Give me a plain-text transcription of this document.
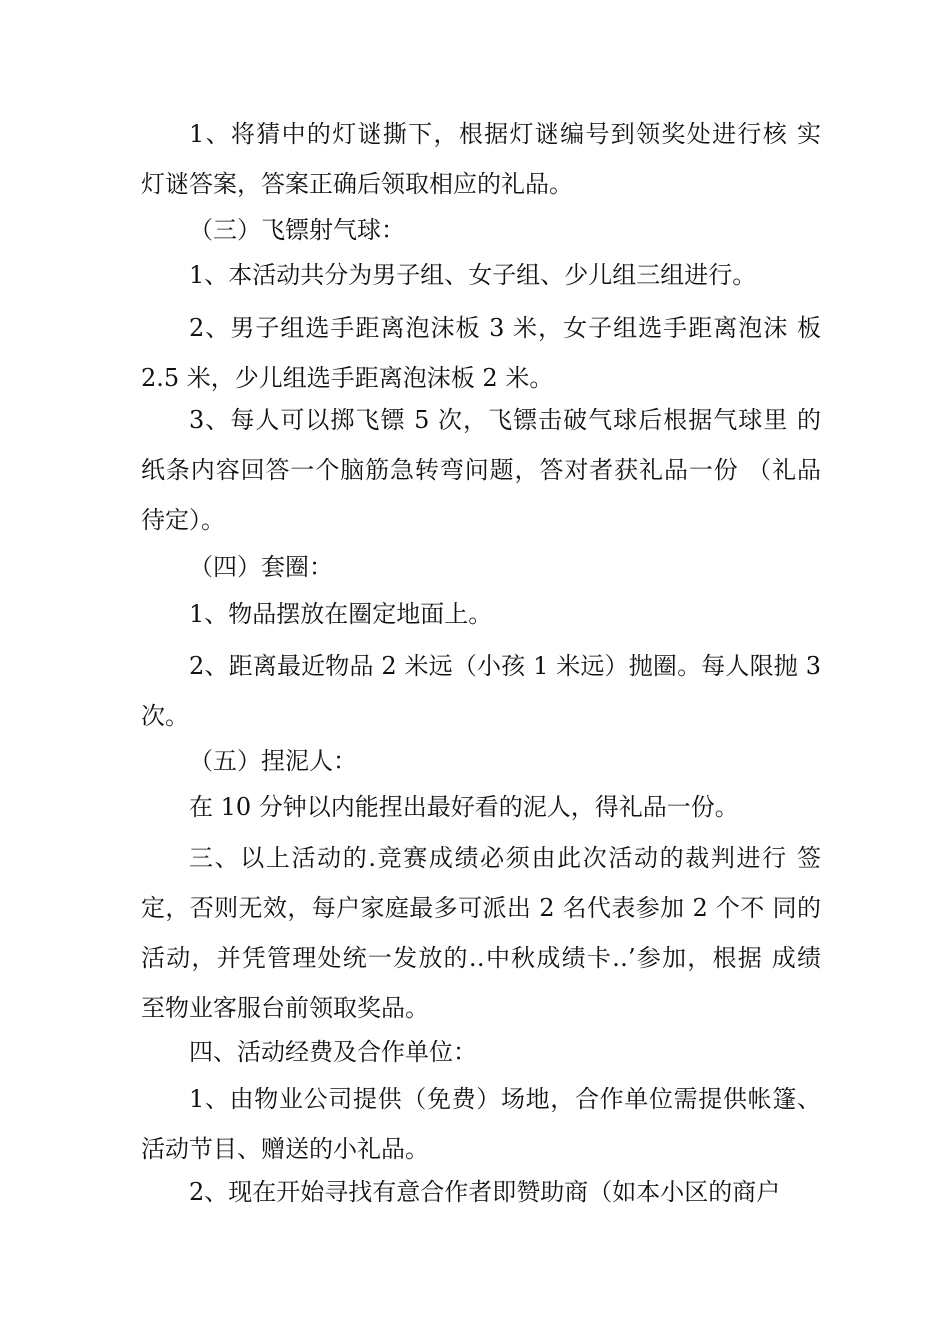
1、将猜中的灯谜撕下，根据灯谜编号到领奖处进行核 实
灯谜答案，答案正确后领取相应的礼品。
（三）飞镖射气球：
1、本活动共分为男子组、女子组、少儿组三组进行。
2、男子组选手距离泡沫板 3 米，女子组选手距离泡沫 板
2.5 米，少儿组选手距离泡沫板 2 米。
3、每人可以掷飞镖 5 次，飞镖击破气球后根据气球里 的
纸条内容回答一个脑筋急转弯问题，答对者获礼品一份 （礼品
待定）。
（四）套圈：
1、物品摆放在圈定地面上。
2、距离最近物品 2 米远（小孩 1 米远）抛圈。每人限抛 3
次。
（五）捏泥人：
在 10 分钟以内能捏出最好看的泥人，得礼品一份。
三、以上活动的.竞赛成绩必须由此次活动的裁判进行 签
定，否则无效，每户家庭最多可派出 2 名代表参加 2 个不 同的
活动，并凭管理处统一发放的‥中秋成绩卡‥’参加，根据 成绩
至物业客服台前领取奖品。
四、活动经费及合作单位：
1、由物业公司提供（免费）场地，合作单位需提供帐篷、
活动节目、赠送的小礼品。
2、现在开始寻找有意合作者即赞助商（如本小区的商户
